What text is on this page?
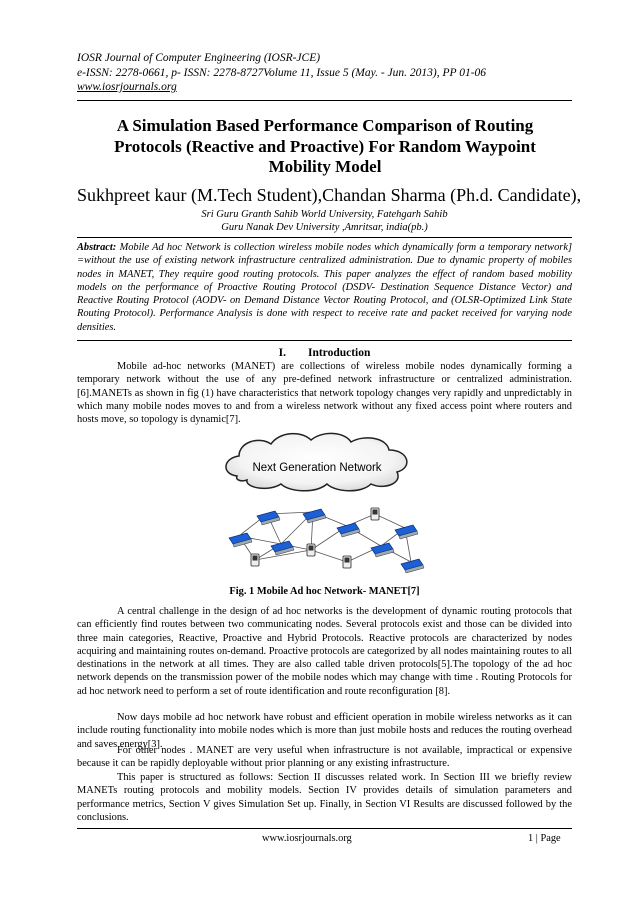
IOSR Journal of Computer Engineering (IOSR-JCE)
e-ISSN: 2278-0661, p- ISSN: 2278-8727Volume 11, Issue 5 (May. - Jun. 2013), PP 01-06
www.iosrjournals.org
A Simulation Based Performance Comparison of Routing Protocols (Reactive and Proactive) For Random Waypoint Mobility Model
Sukhpreet kaur (M.Tech Student),Chandan Sharma (Ph.d. Candidate),
Sri Guru Granth Sahib World University, Fatehgarh Sahib
Guru Nanak Dev University ,Amritsar, india(pb.)
Abstract: Mobile Ad hoc Network is collection wireless mobile nodes which dynamically form a temporary network] =without the use of existing network infrastructure centralized administration. Due to dynamic property of mobiles nodes in MANET, They require good routing protocols. This paper analyzes the effect of random based mobility models on the performance of Proactive Routing Protocol (DSDV- Destination Sequence Distance Vector) and Reactive Routing Protocol (AODV- on Demand Distance Vector Routing Protocol, and (OLSR-Optimized Link State Routing Protocol). Performance Analysis is done with respect to receive rate and packet received for varying node densities.
I. Introduction

Mobile ad-hoc networks (MANET) are collections of wireless mobile nodes dynamically forming a temporary network without the use of any pre-defined network infrastructure or centralized administration. [6].MANETs as shown in fig (1) have characteristics that network topology changes very rapidly and unpredictably in which many mobile nodes moves to and from a wireless network without any fixed access point where routers and hosts move, so topology is dynamic[7].

Next Generation Network
Fig. 1 Mobile Ad hoc Network- MANET[7]

A central challenge in the design of ad hoc networks is the development of dynamic routing protocols that can efficiently find routes between two communicating nodes. Several protocols exist and those can be divided into three main categories, Reactive, Proactive and Hybrid Protocols. Reactive protocols are characterized by nodes acquiring and maintaining routes on-demand. Proactive protocols are categorized by all nodes maintaining routes to all destinations in the network at all times. They are also called table driven protocols[5].The topology of the ad hoc network depends on the transmission power of the mobile nodes which may change with time . Routing Protocols for ad hoc network need to perform a set of route identification and route reconfiguration [8].

Now days mobile ad hoc network have robust and efficient operation in mobile wireless networks as it can include routing functionality into mobile nodes which is more than just mobile hosts and reduces the routing overhead and saves energy[3].

For other nodes . MANET are very useful when infrastructure is not available, impractical or expensive because it can be rapidly deployable without prior planning or any existing infrastructure.

This paper is structured as follows: Section II discusses related work. In Section III we briefly review MANETs routing protocols and mobility models. Section IV provides details of simulation parameters and performance metrics, Section V gives Simulation Set up. Finally, in Section VI Results are discussed followed by the conclusions.

www.iosrjournals.org	1 | Page
